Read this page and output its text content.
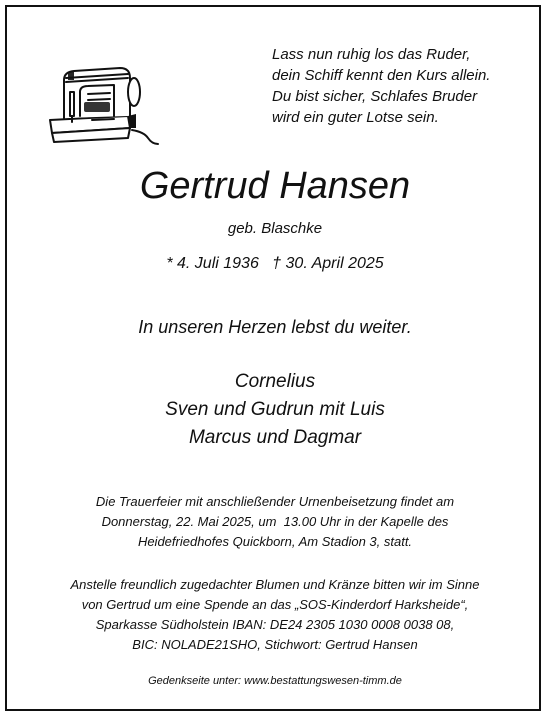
Lass nun ruhig los das Ruder,
dein Schiff kennt den Kurs allein.
Du bist sicher, Schlafes Bruder
wird ein guter Lotse sein.
Gertrud Hansen
geb. Blaschke
* 4. Juli 1936   † 30. April 2025
In unseren Herzen lebst du weiter.
Cornelius
Sven und Gudrun mit Luis
Marcus und Dagmar
Die Trauerfeier mit anschließender Urnenbeisetzung findet am
Donnerstag, 22. Mai 2025, um  13.00 Uhr in der Kapelle des
Heidefriedhofes Quickborn, Am Stadion 3, statt.
Anstelle freundlich zugedachter Blumen und Kränze bitten wir im Sinne
von Gertrud um eine Spende an das „SOS-Kinderdorf Harksheide“,
Sparkasse Südholstein IBAN: DE24 2305 1030 0008 0038 08,
BIC: NOLADE21SHO, Stichwort: Gertrud Hansen
Gedenkseite unter: www.bestattungswesen-timm.de
